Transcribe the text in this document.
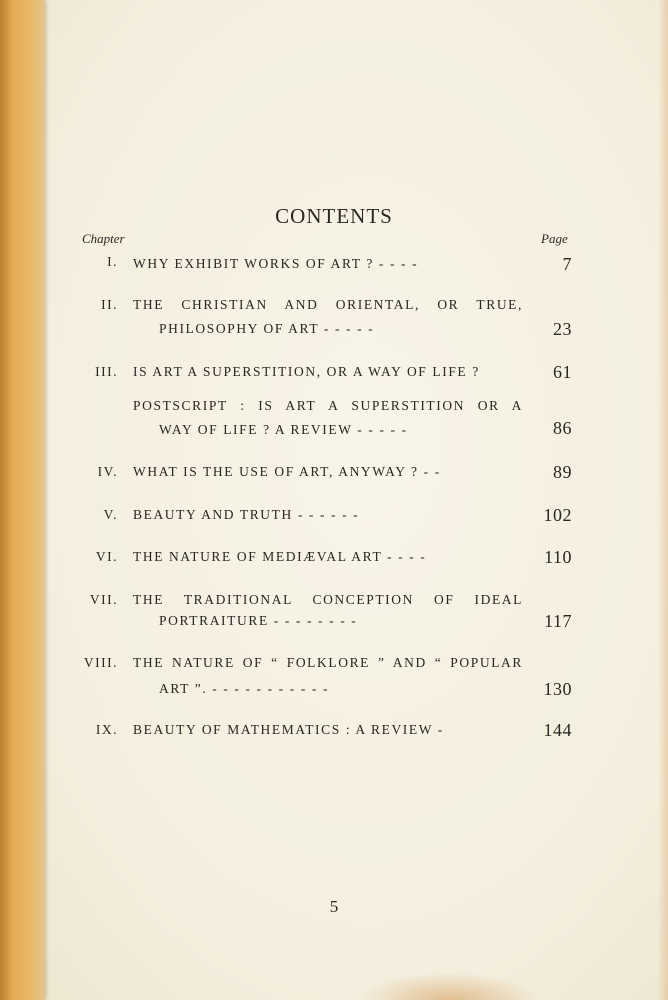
CONTENTS
Chapter	Page
I. WHY EXHIBIT WORKS OF ART ? - - - -	7
II. THE CHRISTIAN AND ORIENTAL, OR TRUE,
PHILOSOPHY OF ART - - - - -	23
III. IS ART A SUPERSTITION, OR A WAY OF LIFE ?	61
POSTSCRIPT : IS ART A SUPERSTITION OR A
WAY OF LIFE ? A REVIEW - - - - -	86
IV. WHAT IS THE USE OF ART, ANYWAY ? - -	89
V. BEAUTY AND TRUTH - - - - - -	102
VI. THE NATURE OF MEDIÆVAL ART - - - -	110
VII. THE TRADITIONAL CONCEPTION OF IDEAL
PORTRAITURE - - - - - - - -	117
VIII. THE NATURE OF “ FOLKLORE ” AND “ POPULAR
ART ”. - - - - - - - - - - -	130
IX. BEAUTY OF MATHEMATICS : A REVIEW -	144
5
